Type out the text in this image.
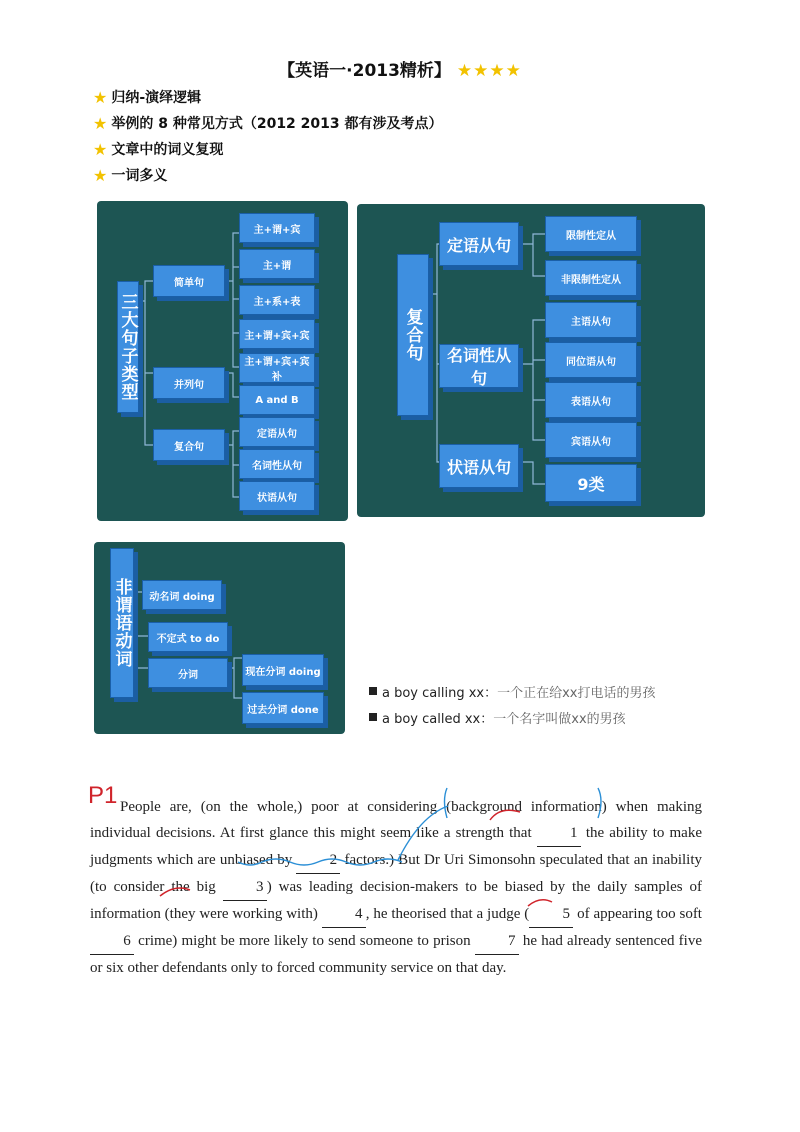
【英语一·2013精析】 ★★★★
★ 归纳-演绎逻辑
★ 举例的 8 种常见方式（2012 2013 都有涉及考点）
★ 文章中的词义复现
★ 一词多义
三大句子类型
简单句
并列句
复合句
主+谓+宾
主+谓
主+系+表
主+谓+宾+宾
主+谓+宾+宾补
A and B
定语从句
名词性从句
状语从句
复合句
定语从句
名词性从句
状语从句
限制性定从
非限制性定从
主语从句
同位语从句
表语从句
宾语从句
9类
非谓语动词	动名词 doing
不定式 to do
分词	现在分词 doing
过去分词 done
a boy calling xx： 一个正在给xx打电话的男孩
a boy called xx： 一个名字叫做xx的男孩
P1 People are, (on the whole,) poor at considering (background information) when making individual decisions. At first glance this might seem like a strength that 1 the ability to make judgments which are unbiased by 2 factors.) But Dr Uri Simonsohn speculated that an inability (to consider the big 3 ) was leading decision-makers to be biased by the daily samples of information (they were working with) 4 , he theorised that a judge ( 5 of appearing too soft 6 crime) might be more likely to send someone to prison 7 he had already sentenced five or six other defendants only to forced community service on that day.
